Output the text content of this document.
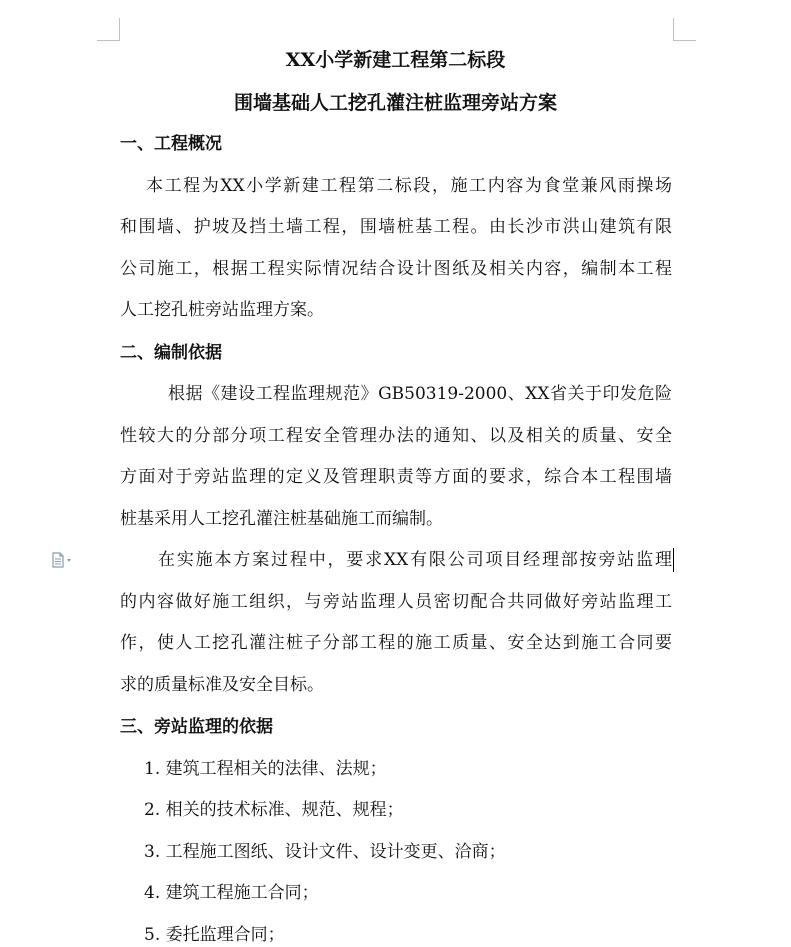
XX小学新建工程第二标段
围墙基础人工挖孔灌注桩监理旁站方案
一、工程概况
本工程为XX小学新建工程第二标段，施工内容为食堂兼风雨操场
和围墙、护坡及挡土墙工程，围墙桩基工程。由长沙市洪山建筑有限
公司施工，根据工程实际情况结合设计图纸及相关内容，编制本工程
人工挖孔桩旁站监理方案。
二、编制依据
根据《建设工程监理规范》GB50319-2000、XX省关于印发危险
性较大的分部分项工程安全管理办法的通知、以及相关的质量、安全
方面对于旁站监理的定义及管理职责等方面的要求，综合本工程围墙
桩基采用人工挖孔灌注桩基础施工而编制。
在实施本方案过程中，要求XX有限公司项目经理部按旁站监理
的内容做好施工组织，与旁站监理人员密切配合共同做好旁站监理工
作，使人工挖孔灌注桩子分部工程的施工质量、安全达到施工合同要
求的质量标准及安全目标。
三、旁站监理的依据
1. 建筑工程相关的法律、法规；
2. 相关的技术标准、规范、规程；
3. 工程施工图纸、设计文件、设计变更、洽商；
4. 建筑工程施工合同；
5. 委托监理合同；
